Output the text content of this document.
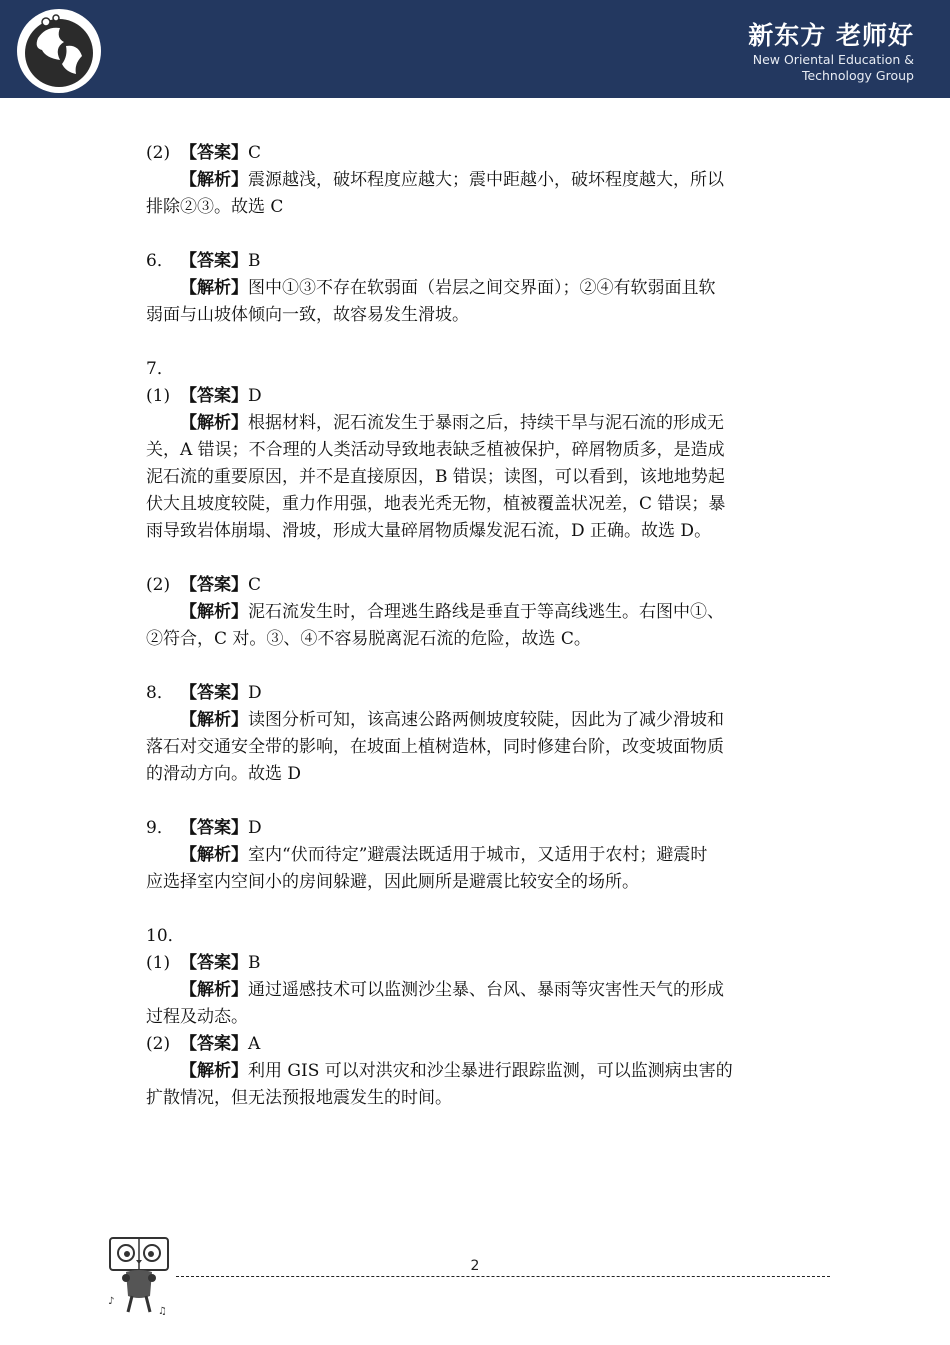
新东方 老师好
New Oriental Education &
Technology Group
(2) 【答案】C
【解析】震源越浅，破坏程度应越大；震中距越小，破坏程度越大，所以
排除②③。故选 C
6． 【答案】B
【解析】图中①③不存在软弱面（岩层之间交界面）；②④有软弱面且软
弱面与山坡体倾向一致，故容易发生滑坡。
7．
(1) 【答案】D
【解析】根据材料，泥石流发生于暴雨之后，持续干旱与泥石流的形成无
关，A 错误；不合理的人类活动导致地表缺乏植被保护，碎屑物质多，是造成
泥石流的重要原因，并不是直接原因，B 错误；读图，可以看到，该地地势起
伏大且坡度较陡，重力作用强，地表光秃无物，植被覆盖状况差，C 错误；暴
雨导致岩体崩塌、滑坡，形成大量碎屑物质爆发泥石流，D 正确。故选 D。
(2) 【答案】C
【解析】泥石流发生时，合理逃生路线是垂直于等高线逃生。右图中①、
②符合，C 对。③、④不容易脱离泥石流的危险，故选 C。
8． 【答案】D
【解析】读图分析可知，该高速公路两侧坡度较陡，因此为了减少滑坡和
落石对交通安全带的影响，在坡面上植树造林，同时修建台阶，改变坡面物质
的滑动方向。故选 D
9． 【答案】D
【解析】室内“伏而待定”避震法既适用于城市，又适用于农村；避震时
应选择室内空间小的房间躲避，因此厕所是避震比较安全的场所。
10．
(1) 【答案】B
【解析】通过遥感技术可以监测沙尘暴、台风、暴雨等灾害性天气的形成
过程及动态。
(2) 【答案】A
【解析】利用 GIS 可以对洪灾和沙尘暴进行跟踪监测，可以监测病虫害的
扩散情况，但无法预报地震发生的时间。
♪
♫
2
